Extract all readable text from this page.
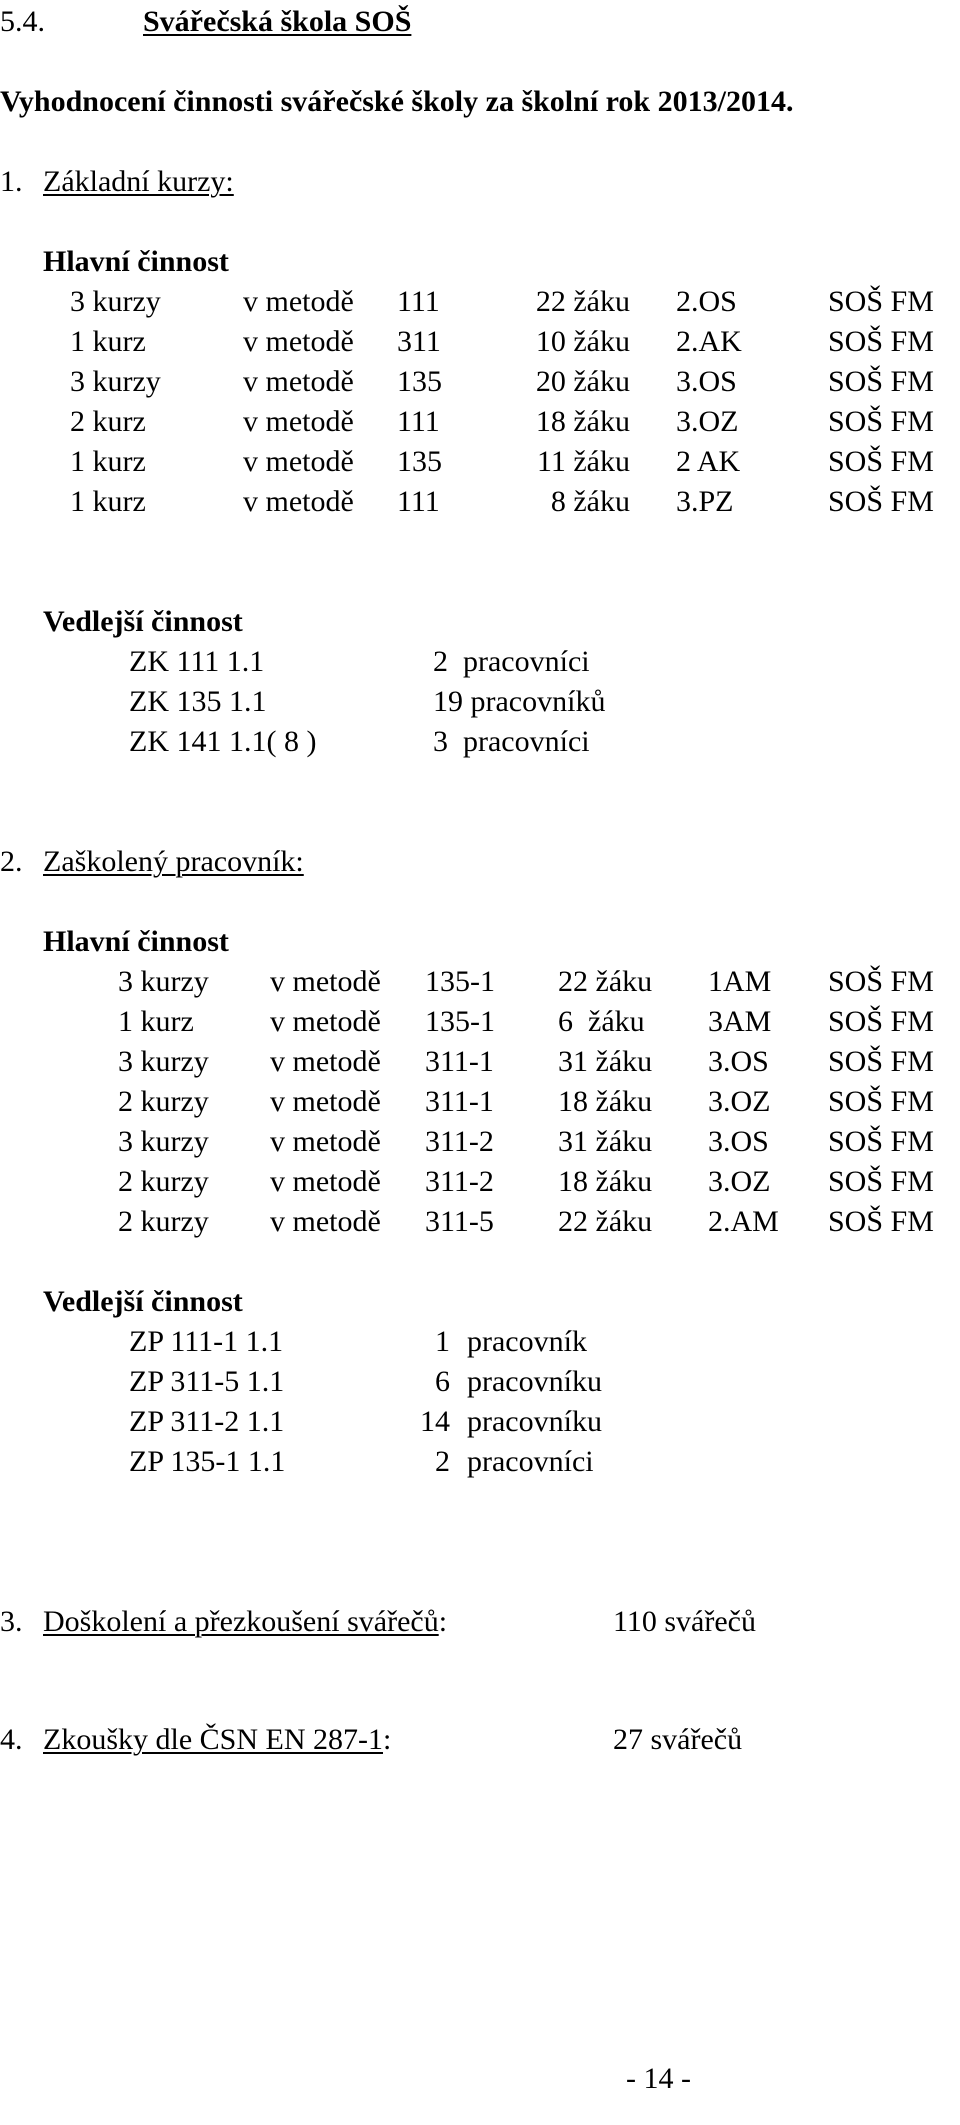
5.4.	Svářečská škola SOŠ
Vyhodnocení činnosti svářečské školy za školní rok 2013/2014.
1. Základní kurzy:
Hlavní činnost
3 kurzy	v metodě 111	22 žáku 2.OS	SOŠ FM
1 kurz	v metodě 311	10 žáku 2.AK	SOŠ FM
3 kurzy	v metodě 135	20 žáku 3.OS	SOŠ FM
2 kurz	v metodě 111	18 žáku 3.OZ	SOŠ FM
1 kurz	v metodě 135	11 žáku 2 AK	SOŠ FM
1 kurz	v metodě 111	8 žáku 3.PZ	SOŠ FM
Vedlejší činnost
ZK 111 1.1	2  pracovníci
ZK 135 1.1	19 pracovníků
ZK 141 1.1( 8 )	3  pracovníci
2. Zaškolený pracovník:
Hlavní činnost
3 kurzy v metodě 135-1 22 žáku 1AM SOŠ FM
1 kurz	v metodě 135-1 6  žáku 3AM SOŠ FM
3 kurzy v metodě 311-1 31 žáku 3.OS SOŠ FM
2 kurzy v metodě 311-1 18 žáku 3.OZ SOŠ FM
3 kurzy v metodě 311-2 31 žáku 3.OS SOŠ FM
2 kurzy v metodě 311-2 18 žáku 3.OZ SOŠ FM
2 kurzy v metodě 311-5 22 žáku 2.AM SOŠ FM
Vedlejší činnost
ZP 111-1 1.1	1 pracovník
ZP 311-5 1.1	6 pracovníku
ZP 311-2 1.1	14 pracovníku
ZP 135-1 1.1	2 pracovníci
3. Doškolení a přezkoušení svářečů:	110 svářečů
4. Zkoušky dle ČSN EN 287-1:	27 svářečů
- 14 -
